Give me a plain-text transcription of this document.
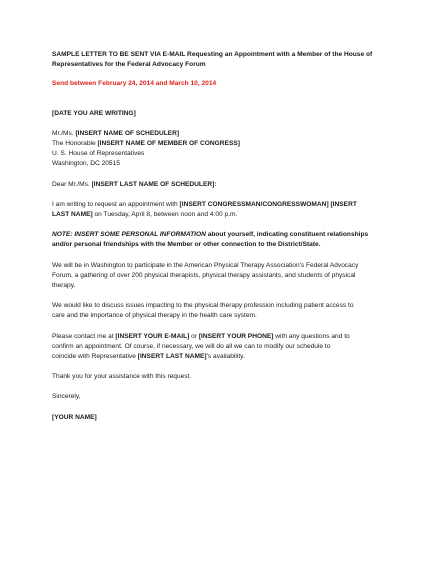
SAMPLE LETTER TO BE SENT VIA E-MAIL Requesting an Appointment with a Member of the House of
Representatives for the Federal Advocacy Forum

Send between February 24, 2014 and March 10, 2014

[DATE YOU ARE WRITING]

Mr./Ms. [INSERT NAME OF SCHEDULER]
The Honorable [INSERT NAME OF MEMBER OF CONGRESS]
U. S. House of Representatives
Washington, DC 20515

Dear Mr./Ms. [INSERT LAST NAME OF SCHEDULER]:

I am writing to request an appointment with [INSERT CONGRESSMAN/CONGRESSWOMAN] [INSERT
LAST NAME] on Tuesday, April 8, between noon and 4:00 p.m.

NOTE: INSERT SOME PERSONAL INFORMATION about yourself, indicating constituent relationships
and/or personal friendships with the Member or other connection to the District/State.

We will be in Washington to participate in the American Physical Therapy Association's Federal Advocacy
Forum, a gathering of over 200 physical therapists, physical therapy assistants, and students of physical
therapy.

We would like to discuss issues impacting to the physical therapy profession including patient access to
care and the importance of physical therapy in the health care system.

Please contact me at [INSERT YOUR E-MAIL] or [INSERT YOUR PHONE] with any questions and to
confirm an appointment. Of course, if necessary, we will do all we can to modify our schedule to
coincide with Representative [INSERT LAST NAME]'s availability.

Thank you for your assistance with this request.

Sincerely,

[YOUR NAME]
